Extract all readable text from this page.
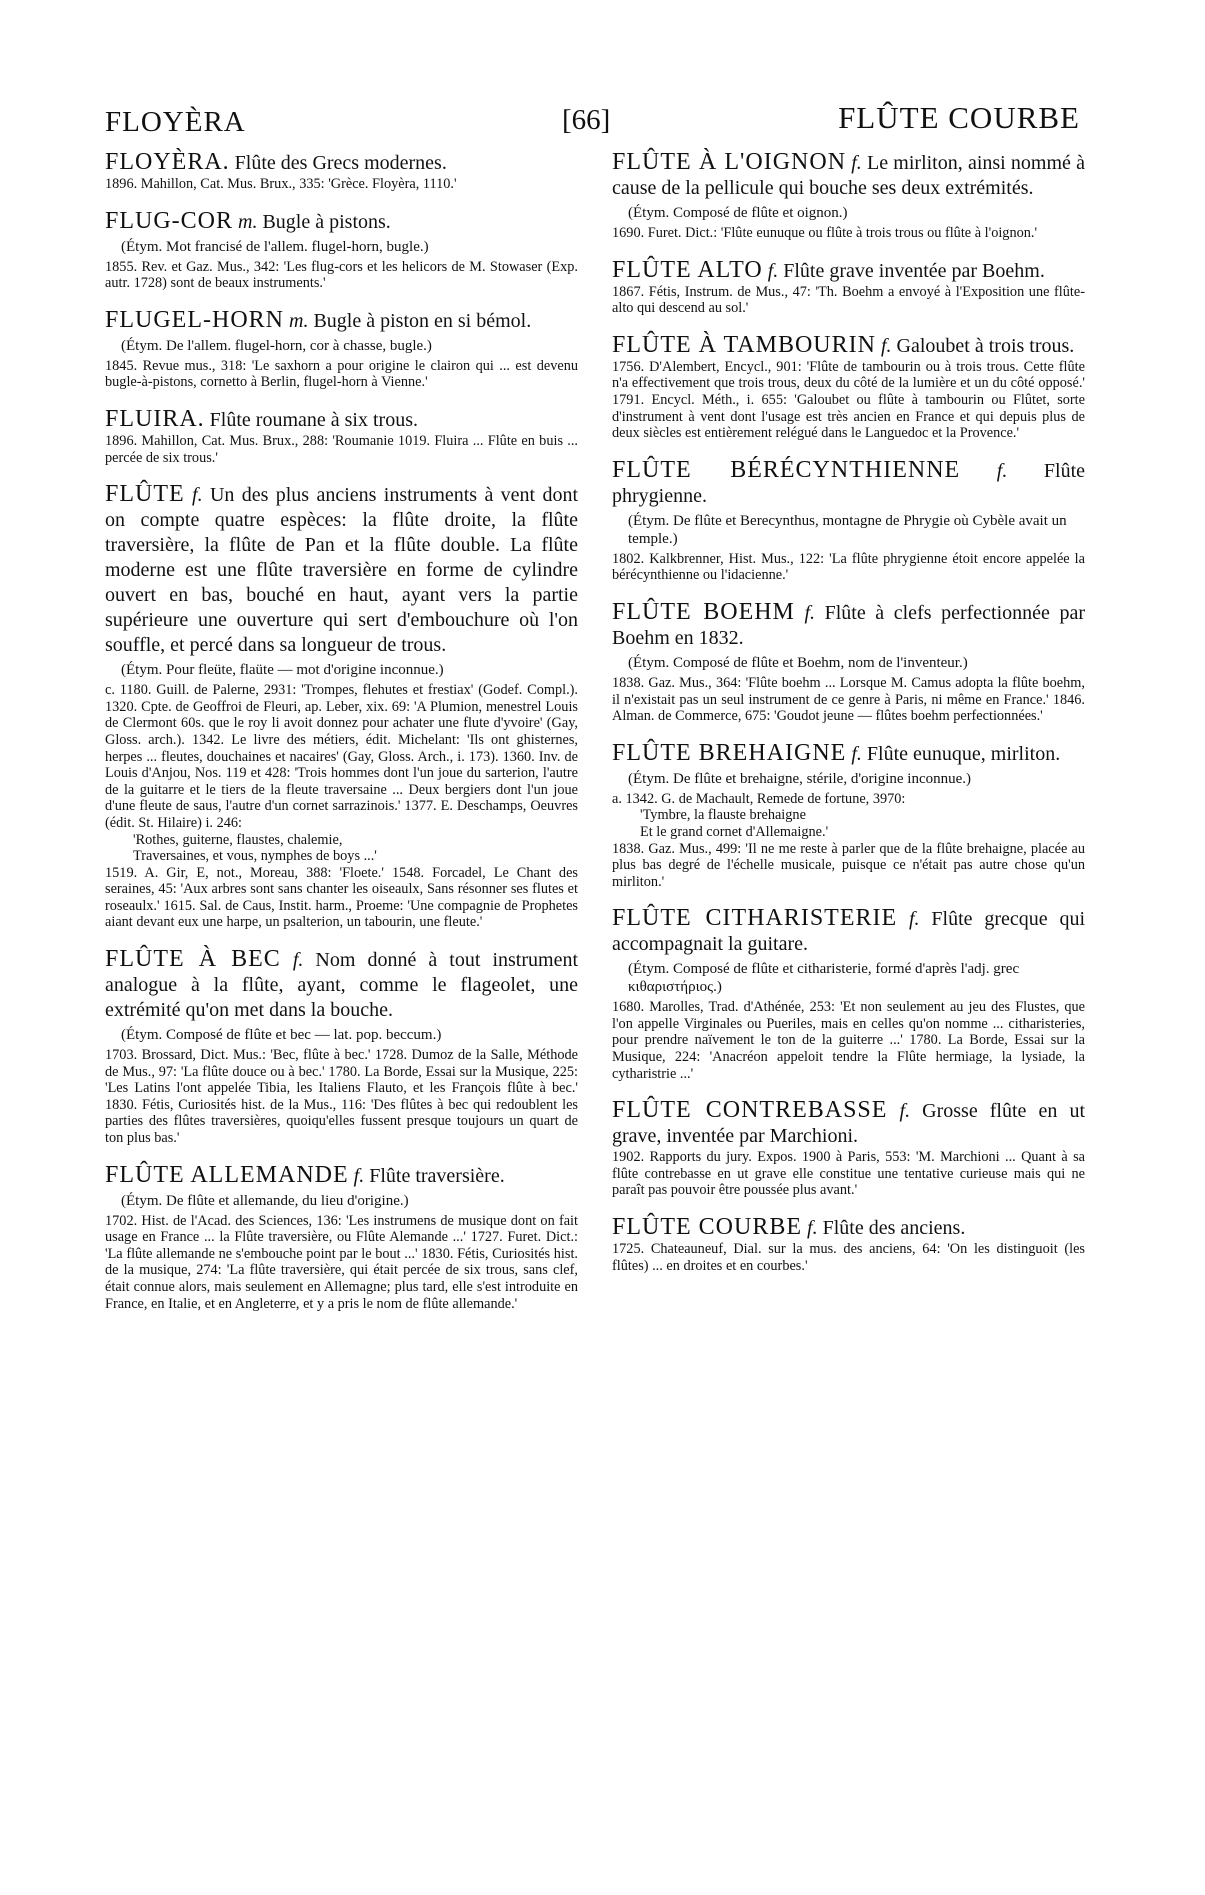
FLOYÈRA	[66]	FLÛTE COURBE

FLOYÈRA. Flûte des Grecs modernes.

1896. Mahillon, Cat. Mus. Brux., 335: 'Grèce. Floyèra, 1110.'

FLUG-COR m. Bugle à pistons.

(Étym. Mot francisé de l'allem. flugel-horn, bugle.)

1855. Rev. et Gaz. Mus., 342: 'Les flug-cors et les helicors de M. Stowaser (Exp. autr. 1728) sont de beaux instruments.'

FLUGEL-HORN m. Bugle à piston en si bémol.

(Étym. De l'allem. flugel-horn, cor à chasse, bugle.)

1845. Revue mus., 318: 'Le saxhorn a pour origine le clairon qui ... est devenu bugle-à-pistons, cornetto à Berlin, flugel-horn à Vienne.'

FLUIRA. Flûte roumane à six trous.

1896. Mahillon, Cat. Mus. Brux., 288: 'Roumanie 1019. Fluira ... Flûte en buis ... percée de six trous.'

FLÛTE f. Un des plus anciens instruments à vent dont on compte quatre espèces: la flûte droite, la flûte traversière, la flûte de Pan et la flûte double. La flûte moderne est une flûte traversière en forme de cylindre ouvert en bas, bouché en haut, ayant vers la partie supérieure une ouverture qui sert d'embouchure où l'on souffle, et percé dans sa longueur de trous.

(Étym. Pour fleüte, flaüte — mot d'origine inconnue.)

c. 1180. Guill. de Palerne, 2931: 'Trompes, flehutes et frestiax' (Godef. Compl.). 1320. Cpte. de Geoffroi de Fleuri, ap. Leber, xix. 69: 'A Plumion, menestrel Louis de Clermont 60s. que le roy li avoit donnez pour achater une flute d'yvoire' (Gay, Gloss. arch.). 1342. Le livre des métiers, édit. Michelant: 'Ils ont ghisternes, herpes ... fleutes, douchaines et nacaires' (Gay, Gloss. Arch., i. 173). 1360. Inv. de Louis d'Anjou, Nos. 119 et 428: 'Trois hommes dont l'un joue du sarterion, l'autre de la guitarre et le tiers de la fleute traversaine ... Deux bergiers dont l'un joue d'une fleute de saus, l'autre d'un cornet sarrazinois.' 1377. E. Deschamps, Oeuvres (édit. St. Hilaire) i. 246:

'Rothes, guiterne, flaustes, chalemie,

Traversaines, et vous, nymphes de boys ...'

1519. A. Gir, E, not., Moreau, 388: 'Floete.' 1548. Forcadel, Le Chant des seraines, 45: 'Aux arbres sont sans chanter les oiseaulx, Sans résonner ses flutes et roseaulx.' 1615. Sal. de Caus, Instit. harm., Proeme: 'Une compagnie de Prophetes aiant devant eux une harpe, un psalterion, un tabourin, une fleute.'

FLÛTE À BEC f. Nom donné à tout instrument analogue à la flûte, ayant, comme le flageolet, une extrémité qu'on met dans la bouche.

(Étym. Composé de flûte et bec — lat. pop. beccum.)

1703. Brossard, Dict. Mus.: 'Bec, flûte à bec.' 1728. Dumoz de la Salle, Méthode de Mus., 97: 'La flûte douce ou à bec.' 1780. La Borde, Essai sur la Musique, 225: 'Les Latins l'ont appelée Tibia, les Italiens Flauto, et les François flûte à bec.' 1830. Fétis, Curiosités hist. de la Mus., 116: 'Des flûtes à bec qui redoublent les parties des flûtes traversières, quoiqu'elles fussent presque toujours un quart de ton plus bas.'

FLÛTE ALLEMANDE f. Flûte traversière.

(Étym. De flûte et allemande, du lieu d'origine.)

1702. Hist. de l'Acad. des Sciences, 136: 'Les instrumens de musique dont on fait usage en France ... la Flûte traversière, ou Flûte Alemande ...' 1727. Furet. Dict.: 'La flûte allemande ne s'embouche point par le bout ...' 1830. Fétis, Curiosités hist. de la musique, 274: 'La flûte traversière, qui était percée de six trous, sans clef, était connue alors, mais seulement en Allemagne; plus tard, elle s'est introduite en France, en Italie, et en Angleterre, et y a pris le nom de flûte allemande.'

FLÛTE À L'OIGNON f. Le mirliton, ainsi nommé à cause de la pellicule qui bouche ses deux extrémités.

(Étym. Composé de flûte et oignon.)

1690. Furet. Dict.: 'Flûte eunuque ou flûte à trois trous ou flûte à l'oignon.'

FLÛTE ALTO f. Flûte grave inventée par Boehm.

1867. Fétis, Instrum. de Mus., 47: 'Th. Boehm a envoyé à l'Exposition une flûte-alto qui descend au sol.'

FLÛTE À TAMBOURIN f. Galoubet à trois trous.

1756. D'Alembert, Encycl., 901: 'Flûte de tambourin ou à trois trous. Cette flûte n'a effectivement que trois trous, deux du côté de la lumière et un du côté opposé.' 1791. Encycl. Méth., i. 655: 'Galoubet ou flûte à tambourin ou Flûtet, sorte d'instrument à vent dont l'usage est très ancien en France et qui depuis plus de deux siècles est entièrement relégué dans le Languedoc et la Provence.'

FLÛTE BÉRÉCYNTHIENNE f. Flûte phrygienne.

(Étym. De flûte et Berecynthus, montagne de Phrygie où Cybèle avait un temple.)

1802. Kalkbrenner, Hist. Mus., 122: 'La flûte phrygienne étoit encore appelée la bérécynthienne ou l'idacienne.'

FLÛTE BOEHM f. Flûte à clefs perfectionnée par Boehm en 1832.

(Étym. Composé de flûte et Boehm, nom de l'inventeur.)

1838. Gaz. Mus., 364: 'Flûte boehm ... Lorsque M. Camus adopta la flûte boehm, il n'existait pas un seul instrument de ce genre à Paris, ni même en France.' 1846. Alman. de Commerce, 675: 'Goudot jeune — flûtes boehm perfectionnées.'

FLÛTE BREHAIGNE f. Flûte eunuque, mirliton.

(Étym. De flûte et brehaigne, stérile, d'origine inconnue.)

a. 1342. G. de Machault, Remede de fortune, 3970:

'Tymbre, la flauste brehaigne

Et le grand cornet d'Allemaigne.'

1838. Gaz. Mus., 499: 'Il ne me reste à parler que de la flûte brehaigne, placée au plus bas degré de l'échelle musicale, puisque ce n'était pas autre chose qu'un mirliton.'

FLÛTE CITHARISTERIE f. Flûte grecque qui accompagnait la guitare.

(Étym. Composé de flûte et citharisterie, formé d'après l'adj. grec κιθαριστήριος.)

1680. Marolles, Trad. d'Athénée, 253: 'Et non seulement au jeu des Flustes, que l'on appelle Virginales ou Pueriles, mais en celles qu'on nomme ... citharisteries, pour prendre naïvement le ton de la guiterre ...' 1780. La Borde, Essai sur la Musique, 224: 'Anacréon appeloit tendre la Flûte hermiage, la lysiade, la cytharistrie ...'

FLÛTE CONTREBASSE f. Grosse flûte en ut grave, inventée par Marchioni.

1902. Rapports du jury. Expos. 1900 à Paris, 553: 'M. Marchioni ... Quant à sa flûte contrebasse en ut grave elle constitue une tentative curieuse mais qui ne paraît pas pouvoir être poussée plus avant.'

FLÛTE COURBE f. Flûte des anciens.

1725. Chateauneuf, Dial. sur la mus. des anciens, 64: 'On les distinguoit (les flûtes) ... en droites et en courbes.'
